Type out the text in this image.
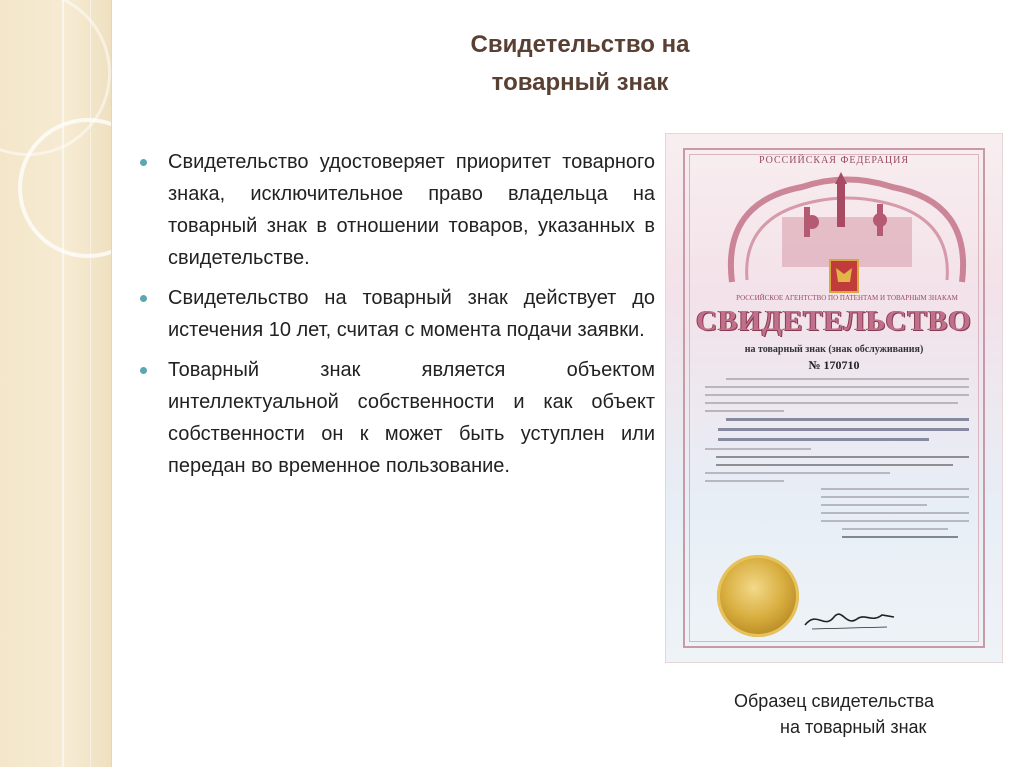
Свидетельство на
товарный знак
Свидетельство удостоверяет приоритет товарного знака, исключительное право владельца на товарный знак в отношении товаров, указанных в свидетельстве.
Свидетельство на товарный знак действует до истечения 10 лет, считая с момента подачи заявки.
Товарный знак является объектом интеллектуальной собственности и как объект собственности он к может быть уступлен или передан во временное пользование.
РОССИЙСКАЯ ФЕДЕРАЦИЯ
РОССИЙСКОЕ АГЕНТСТВО ПО ПАТЕНТАМ И ТОВАРНЫМ ЗНАКАМ
СВИДЕТЕЛЬСТВО
на товарный знак (знак обслуживания)
№ 170710
Образец свидетельства
на товарный знак
